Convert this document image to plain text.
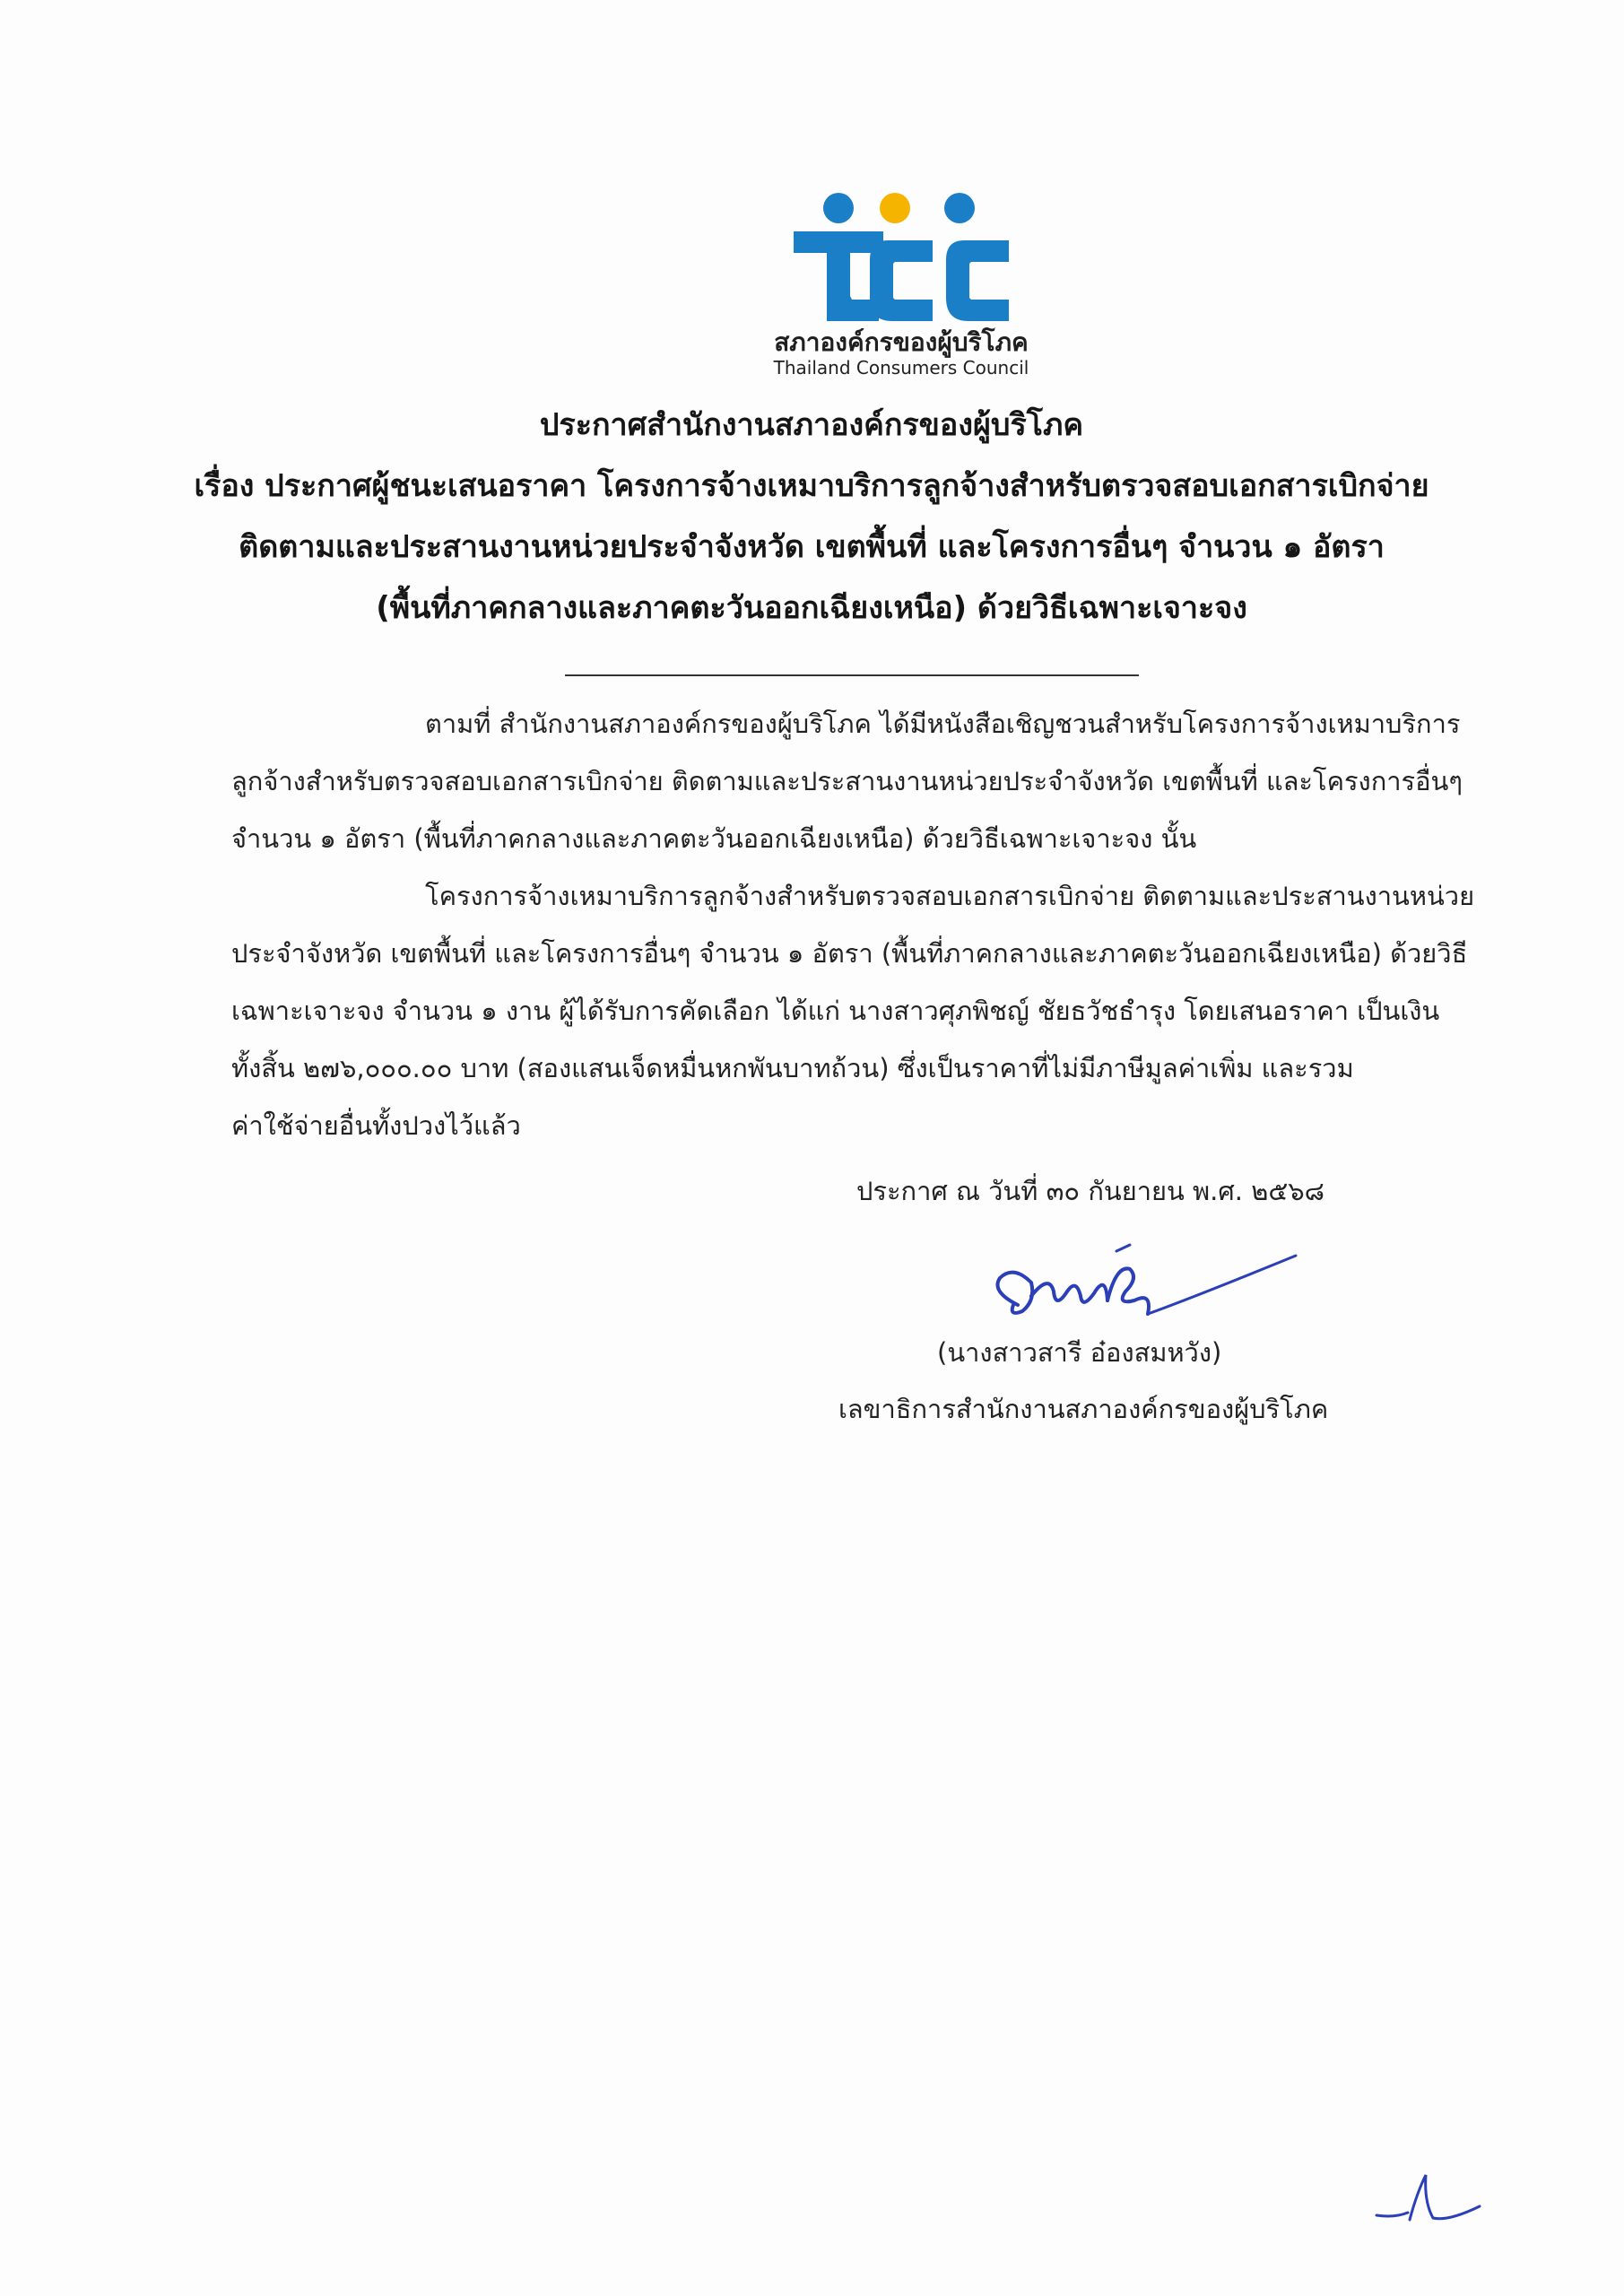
สภาองค์กรของผู้บริโภค
Thailand Consumers Council
ประกาศสำนักงานสภาองค์กรของผู้บริโภค
เรื่อง ประกาศผู้ชนะเสนอราคา โครงการจ้างเหมาบริการลูกจ้างสำหรับตรวจสอบเอกสารเบิกจ่าย
ติดตามและประสานงานหน่วยประจำจังหวัด เขตพื้นที่ และโครงการอื่นๆ จำนวน ๑ อัตรา
(พื้นที่ภาคกลางและภาคตะวันออกเฉียงเหนือ) ด้วยวิธีเฉพาะเจาะจง
ตามที่ สำนักงานสภาองค์กรของผู้บริโภค ได้มีหนังสือเชิญชวนสำหรับโครงการจ้างเหมาบริการ
ลูกจ้างสำหรับตรวจสอบเอกสารเบิกจ่าย ติดตามและประสานงานหน่วยประจำจังหวัด เขตพื้นที่ และโครงการอื่นๆ
จำนวน ๑ อัตรา (พื้นที่ภาคกลางและภาคตะวันออกเฉียงเหนือ) ด้วยวิธีเฉพาะเจาะจง นั้น
โครงการจ้างเหมาบริการลูกจ้างสำหรับตรวจสอบเอกสารเบิกจ่าย ติดตามและประสานงานหน่วย
ประจำจังหวัด เขตพื้นที่ และโครงการอื่นๆ จำนวน ๑ อัตรา (พื้นที่ภาคกลางและภาคตะวันออกเฉียงเหนือ) ด้วยวิธี
เฉพาะเจาะจง จำนวน ๑ งาน ผู้ได้รับการคัดเลือก ได้แก่ นางสาวศุภพิชญ์ ชัยธวัชธำรุง โดยเสนอราคา เป็นเงิน
ทั้งสิ้น ๒๗๖,๐๐๐.๐๐ บาท (สองแสนเจ็ดหมื่นหกพันบาทถ้วน) ซึ่งเป็นราคาที่ไม่มีภาษีมูลค่าเพิ่ม และรวม
ค่าใช้จ่ายอื่นทั้งปวงไว้แล้ว
ประกาศ ณ วันที่ ๓๐ กันยายน พ.ศ. ๒๕๖๘
(นางสาวสารี อ๋องสมหวัง)
เลขาธิการสำนักงานสภาองค์กรของผู้บริโภค
